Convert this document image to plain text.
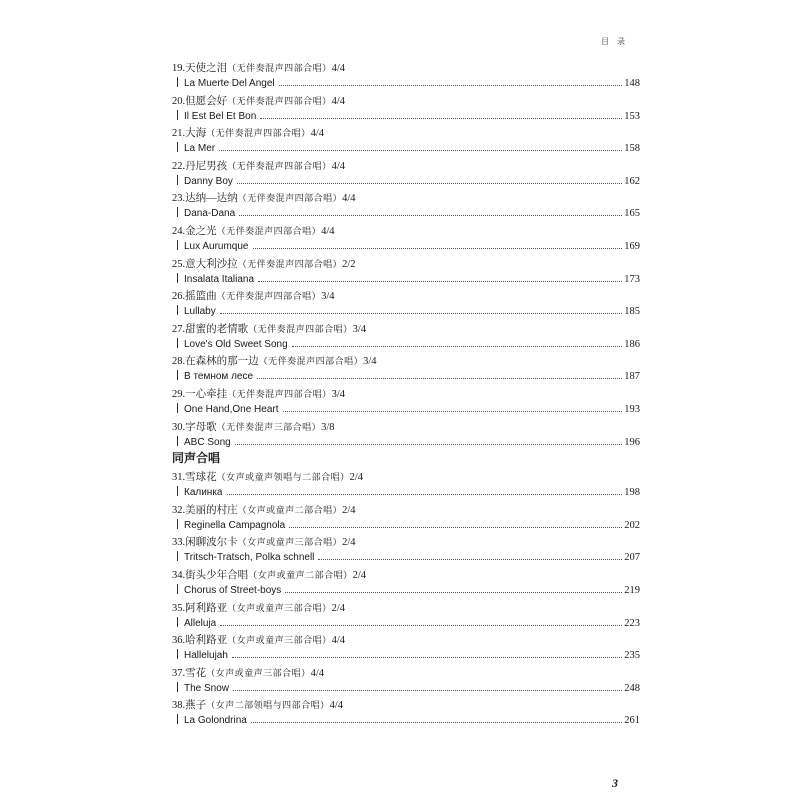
目 录
19.天使之泪（无伴奏混声四部合唱）4/4
La Muerte Del Angel	148
20.但愿会好（无伴奏混声四部合唱）4/4
Il Est Bel Et Bon	153
21.大海（无伴奏混声四部合唱）4/4
La Mer	158
22.丹尼男孩（无伴奏混声四部合唱）4/4
Danny Boy	162
23.达纳—达纳（无伴奏混声四部合唱）4/4
Dana-Dana	165
24.金之光（无伴奏混声四部合唱）4/4
Lux Aurumque	169
25.意大利沙拉（无伴奏混声四部合唱）2/2
Insalata Italiana	173
26.摇篮曲（无伴奏混声四部合唱）3/4
Lullaby	185
27.甜蜜的老情歌（无伴奏混声四部合唱）3/4
Love's Old Sweet Song	186
28.在森林的那一边（无伴奏混声四部合唱）3/4
В темном лесе	187
29.一心牵挂（无伴奏混声四部合唱）3/4
One Hand,One Heart	193
30.字母歌（无伴奏混声三部合唱）3/8
ABC Song	196
同声合唱
31.雪球花（女声或童声领唱与二部合唱）2/4
Калинка	198
32.美丽的村庄（女声或童声二部合唱）2/4
Reginella Campagnola	202
33.闲聊波尔卡（女声或童声三部合唱）2/4
Tritsch-Tratsch, Polka schnell	207
34.街头少年合唱（女声或童声二部合唱）2/4
Chorus of Street-boys	219
35.阿利路亚（女声或童声三部合唱）2/4
Alleluja	223
36.哈利路亚（女声或童声三部合唱）4/4
Hallelujah	235
37.雪花（女声或童声三部合唱）4/4
The Snow	248
38.燕子（女声二部领唱与四部合唱）4/4
La Golondrina	261
3
